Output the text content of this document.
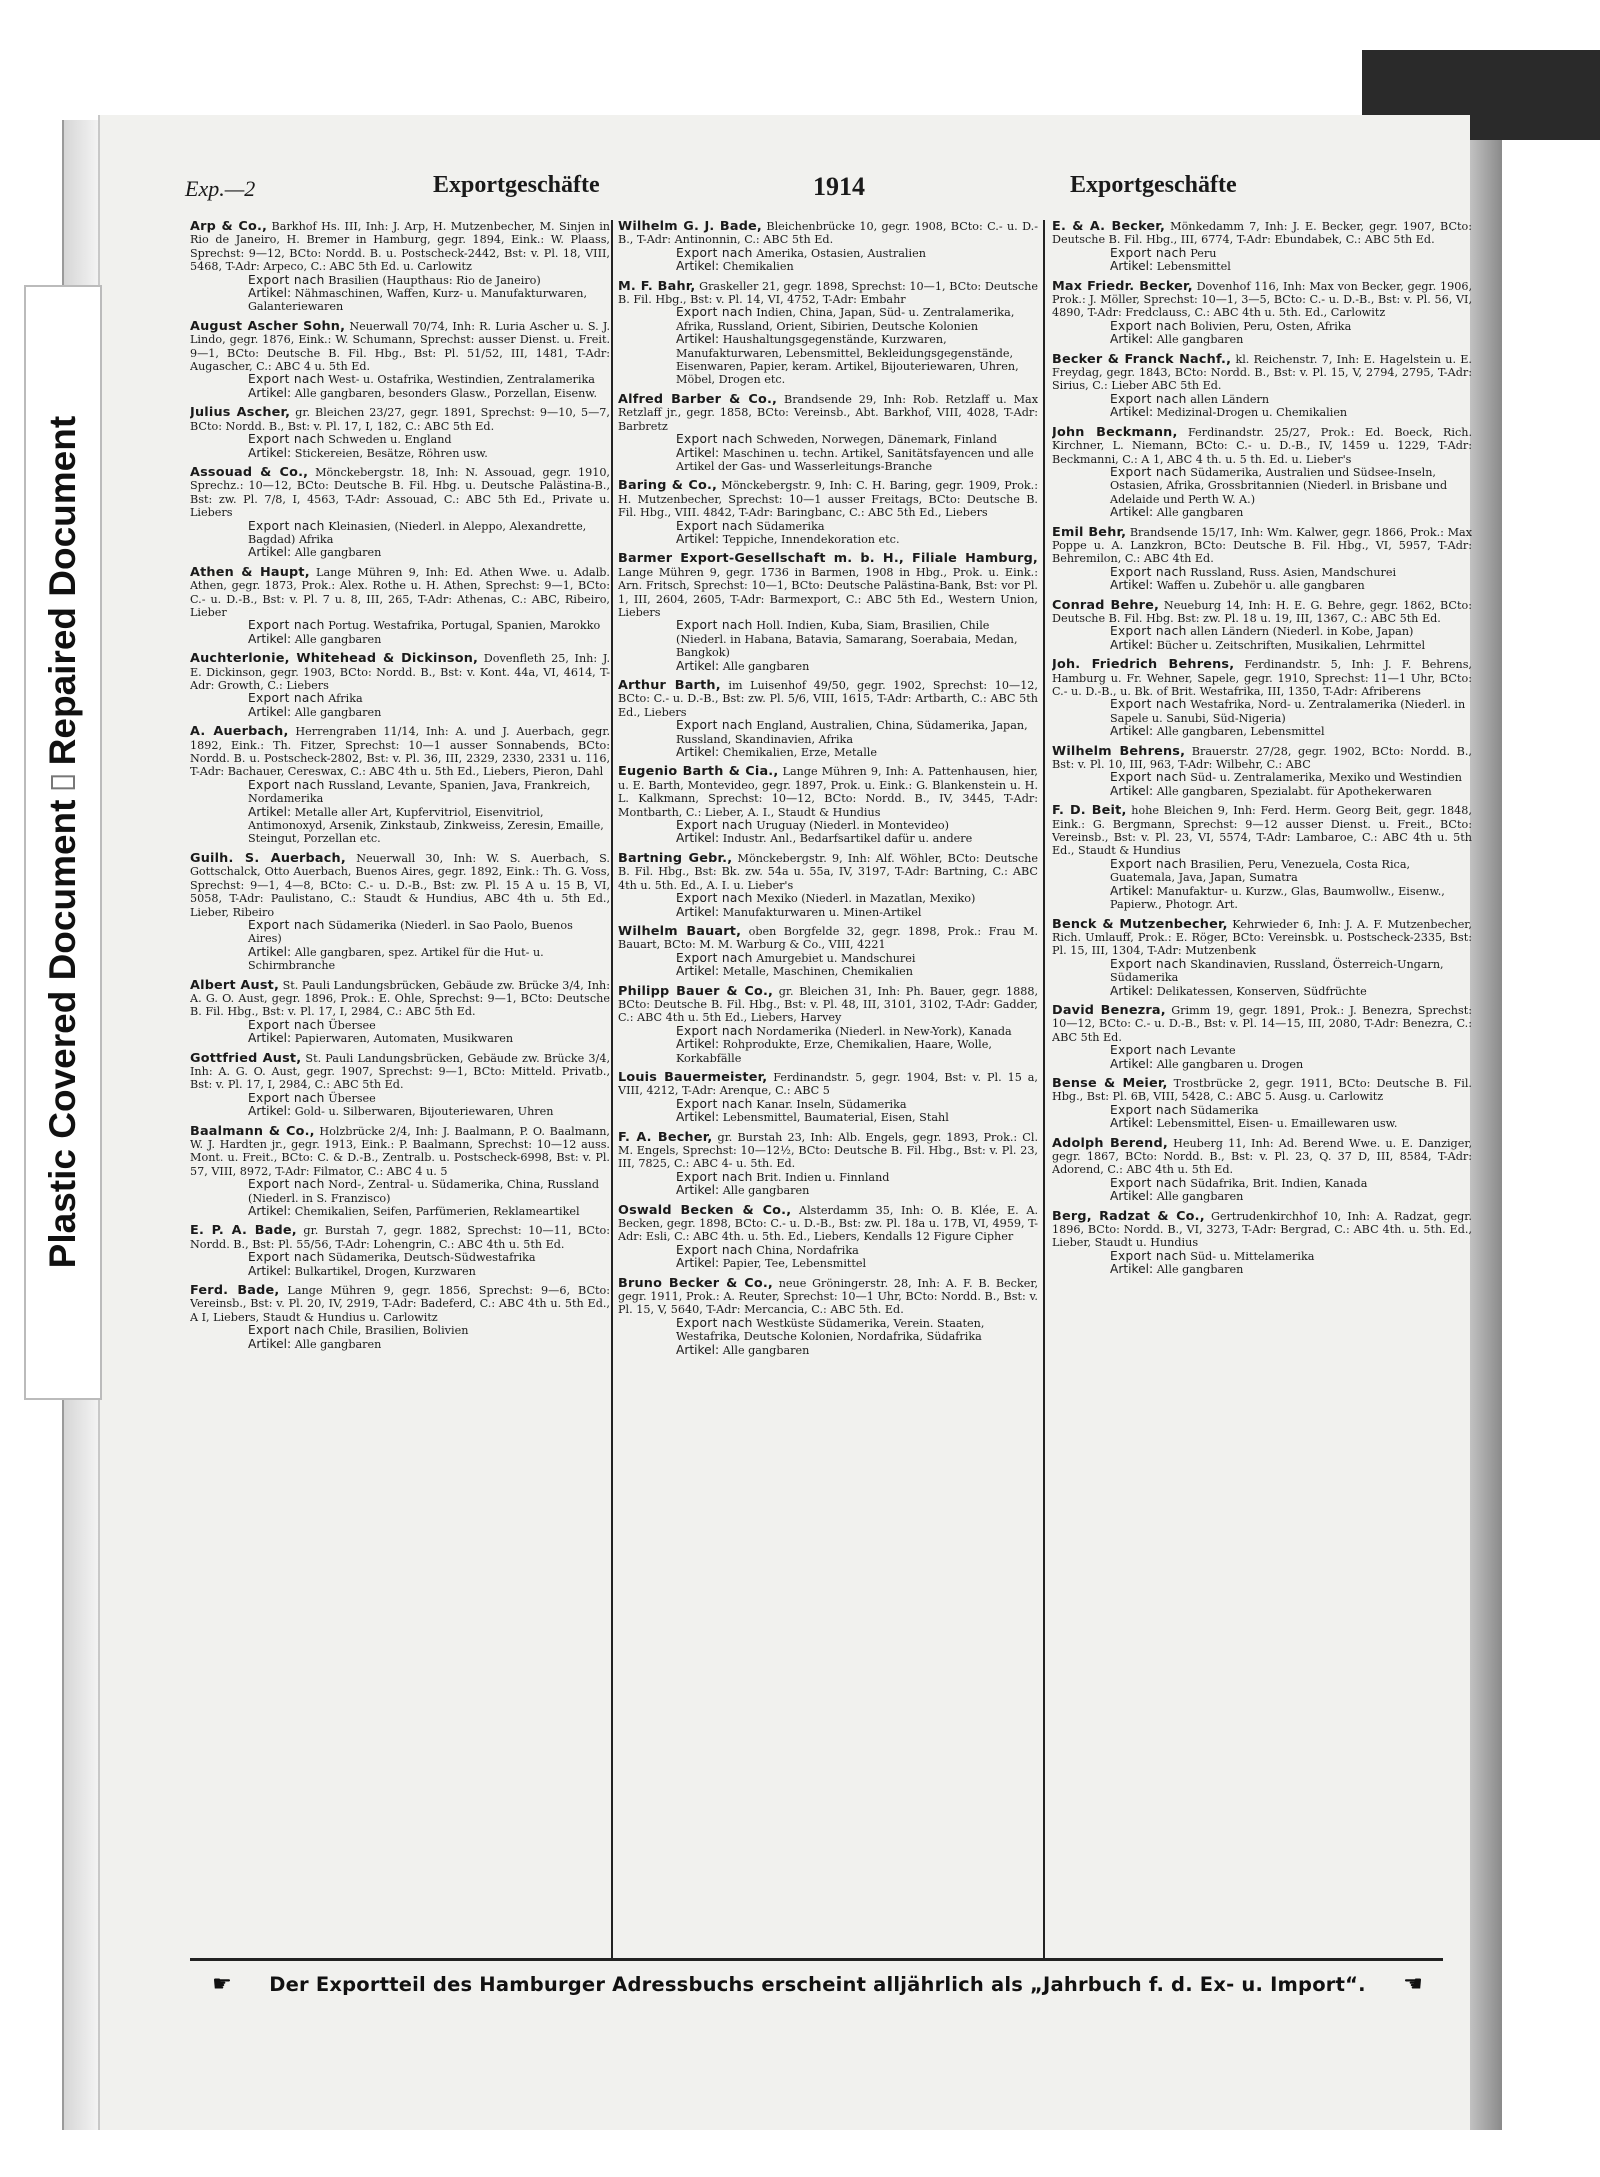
Plastic Covered Document
Repaired Document
Exp.—2	Exportgeschäfte	1914	Exportgeschäfte
Arp & Co., Barkhof Hs. III, Inh: J. Arp, H. Mutzenbecher, M. Sinjen in Rio de Janeiro, H. Bremer in Hamburg, gegr. 1894, Eink.: W. Plaass, Sprechst: 9—12, BCto: Nordd. B. u. Postscheck-2442, Bst: v. Pl. 18, VIII, 5468, T-Adr: Arpeco, C.: ABC 5th Ed. u. Carlowitz
Export nach Brasilien (Haupthaus: Rio de Janeiro)
Artikel: Nähmaschinen, Waffen, Kurz- u. Manufakturwaren, Galanteriewaren
August Ascher Sohn, Neuerwall 70/74, Inh: R. Luria Ascher u. S. J. Lindo, gegr. 1876, Eink.: W. Schumann, Sprechst: ausser Dienst. u. Freit. 9—1, BCto: Deutsche B. Fil. Hbg., Bst: Pl. 51/52, III, 1481, T-Adr: Augascher, C.: ABC 4 u. 5th Ed.
Export nach West- u. Ostafrika, Westindien, Zentralamerika
Artikel: Alle gangbaren, besonders Glasw., Porzellan, Eisenw.
Julius Ascher, gr. Bleichen 23/27, gegr. 1891, Sprechst: 9—10, 5—7, BCto: Nordd. B., Bst: v. Pl. 17, I, 182, C.: ABC 5th Ed.
Export nach Schweden u. England
Artikel: Stickereien, Besätze, Röhren usw.
Assouad & Co., Mönckebergstr. 18, Inh: N. Assouad, gegr. 1910, Sprechz.: 10—12, BCto: Deutsche B. Fil. Hbg. u. Deutsche Palästina-B., Bst: zw. Pl. 7/8, I, 4563, T-Adr: Assouad, C.: ABC 5th Ed., Private u. Liebers
Export nach Kleinasien, (Niederl. in Aleppo, Alexandrette, Bagdad) Afrika
Artikel: Alle gangbaren
Athen & Haupt, Lange Mühren 9, Inh: Ed. Athen Wwe. u. Adalb. Athen, gegr. 1873, Prok.: Alex. Rothe u. H. Athen, Sprechst: 9—1, BCto: C.- u. D.-B., Bst: v. Pl. 7 u. 8, III, 265, T-Adr: Athenas, C.: ABC, Ribeiro, Lieber
Export nach Portug. Westafrika, Portugal, Spanien, Marokko
Artikel: Alle gangbaren
Auchterlonie, Whitehead & Dickinson, Dovenfleth 25, Inh: J. E. Dickinson, gegr. 1903, BCto: Nordd. B., Bst: v. Kont. 44a, VI, 4614, T-Adr: Growth, C.: Liebers
Export nach Afrika
Artikel: Alle gangbaren
A. Auerbach, Herrengraben 11/14, Inh: A. und J. Auerbach, gegr. 1892, Eink.: Th. Fitzer, Sprechst: 10—1 ausser Sonnabends, BCto: Nordd. B. u. Postscheck-2802, Bst: v. Pl. 36, III, 2329, 2330, 2331 u. 116, T-Adr: Bachauer, Cereswax, C.: ABC 4th u. 5th Ed., Liebers, Pieron, Dahl
Export nach Russland, Levante, Spanien, Java, Frankreich, Nordamerika
Artikel: Metalle aller Art, Kupfervitriol, Eisenvitriol, Antimonoxyd, Arsenik, Zinkstaub, Zinkweiss, Zeresin, Emaille, Steingut, Porzellan etc.
Guilh. S. Auerbach, Neuerwall 30, Inh: W. S. Auerbach, S. Gottschalck, Otto Auerbach, Buenos Aires, gegr. 1892, Eink.: Th. G. Voss, Sprechst: 9—1, 4—8, BCto: C.- u. D.-B., Bst: zw. Pl. 15 A u. 15 B, VI, 5058, T-Adr: Paulistano, C.: Staudt & Hundius, ABC 4th u. 5th Ed., Lieber, Ribeiro
Export nach Südamerika (Niederl. in Sao Paolo, Buenos Aires)
Artikel: Alle gangbaren, spez. Artikel für die Hut- u. Schirmbranche
Albert Aust, St. Pauli Landungsbrücken, Gebäude zw. Brücke 3/4, Inh: A. G. O. Aust, gegr. 1896, Prok.: E. Ohle, Sprechst: 9—1, BCto: Deutsche B. Fil. Hbg., Bst: v. Pl. 17, I, 2984, C.: ABC 5th Ed.
Export nach Übersee
Artikel: Papierwaren, Automaten, Musikwaren
Gottfried Aust, St. Pauli Landungsbrücken, Gebäude zw. Brücke 3/4, Inh: A. G. O. Aust, gegr. 1907, Sprechst: 9—1, BCto: Mitteld. Privatb., Bst: v. Pl. 17, I, 2984, C.: ABC 5th Ed.
Export nach Übersee
Artikel: Gold- u. Silberwaren, Bijouteriewaren, Uhren
Baalmann & Co., Holzbrücke 2/4, Inh: J. Baalmann, P. O. Baalmann, W. J. Hardten jr., gegr. 1913, Eink.: P. Baalmann, Sprechst: 10—12 auss. Mont. u. Freit., BCto: C. & D.-B., Zentralb. u. Postscheck-6998, Bst: v. Pl. 57, VIII, 8972, T-Adr: Filmator, C.: ABC 4 u. 5
Export nach Nord-, Zentral- u. Südamerika, China, Russland (Niederl. in S. Franzisco)
Artikel: Chemikalien, Seifen, Parfümerien, Reklameartikel
E. P. A. Bade, gr. Burstah 7, gegr. 1882, Sprechst: 10—11, BCto: Nordd. B., Bst: Pl. 55/56, T-Adr: Lohengrin, C.: ABC 4th u. 5th Ed.
Export nach Südamerika, Deutsch-Südwestafrika
Artikel: Bulkartikel, Drogen, Kurzwaren
Ferd. Bade, Lange Mühren 9, gegr. 1856, Sprechst: 9—6, BCto: Vereinsb., Bst: v. Pl. 20, IV, 2919, T-Adr: Badeferd, C.: ABC 4th u. 5th Ed., A I, Liebers, Staudt & Hundius u. Carlowitz
Export nach Chile, Brasilien, Bolivien
Artikel: Alle gangbaren
Wilhelm G. J. Bade, Bleichenbrücke 10, gegr. 1908, BCto: C.- u. D.-B., T-Adr: Antinonnin, C.: ABC 5th Ed.
Export nach Amerika, Ostasien, Australien
Artikel: Chemikalien
M. F. Bahr, Graskeller 21, gegr. 1898, Sprechst: 10—1, BCto: Deutsche B. Fil. Hbg., Bst: v. Pl. 14, VI, 4752, T-Adr: Embahr
Export nach Indien, China, Japan, Süd- u. Zentralamerika, Afrika, Russland, Orient, Sibirien, Deutsche Kolonien
Artikel: Haushaltungsgegenstände, Kurzwaren, Manufakturwaren, Lebensmittel, Bekleidungsgegenstände, Eisenwaren, Papier, keram. Artikel, Bijouteriewaren, Uhren, Möbel, Drogen etc.
Alfred Barber & Co., Brandsende 29, Inh: Rob. Retzlaff u. Max Retzlaff jr., gegr. 1858, BCto: Vereinsb., Abt. Barkhof, VIII, 4028, T-Adr: Barbretz
Export nach Schweden, Norwegen, Dänemark, Finland
Artikel: Maschinen u. techn. Artikel, Sanitätsfayencen und alle Artikel der Gas- und Wasserleitungs-Branche
Baring & Co., Mönckebergstr. 9, Inh: C. H. Baring, gegr. 1909, Prok.: H. Mutzenbecher, Sprechst: 10—1 ausser Freitags, BCto: Deutsche B. Fil. Hbg., VIII. 4842, T-Adr: Baringbanc, C.: ABC 5th Ed., Liebers
Export nach Südamerika
Artikel: Teppiche, Innendekoration etc.
Barmer Export-Gesellschaft m. b. H., Filiale Hamburg, Lange Mühren 9, gegr. 1736 in Barmen, 1908 in Hbg., Prok. u. Eink.: Arn. Fritsch, Sprechst: 10—1, BCto: Deutsche Palästina-Bank, Bst: vor Pl. 1, III, 2604, 2605, T-Adr: Barmexport, C.: ABC 5th Ed., Western Union, Liebers
Export nach Holl. Indien, Kuba, Siam, Brasilien, Chile (Niederl. in Habana, Batavia, Samarang, Soerabaia, Medan, Bangkok)
Artikel: Alle gangbaren
Arthur Barth, im Luisenhof 49/50, gegr. 1902, Sprechst: 10—12, BCto: C.- u. D.-B., Bst: zw. Pl. 5/6, VIII, 1615, T-Adr: Artbarth, C.: ABC 5th Ed., Liebers
Export nach England, Australien, China, Südamerika, Japan, Russland, Skandinavien, Afrika
Artikel: Chemikalien, Erze, Metalle
Eugenio Barth & Cia., Lange Mühren 9, Inh: A. Pattenhausen, hier, u. E. Barth, Montevideo, gegr. 1897, Prok. u. Eink.: G. Blankenstein u. H. L. Kalkmann, Sprechst: 10—12, BCto: Nordd. B., IV, 3445, T-Adr: Montbarth, C.: Lieber, A. I., Staudt & Hundius
Export nach Uruguay (Niederl. in Montevideo)
Artikel: Industr. Anl., Bedarfsartikel dafür u. andere
Bartning Gebr., Mönckebergstr. 9, Inh: Alf. Wöhler, BCto: Deutsche B. Fil. Hbg., Bst: Bk. zw. 54a u. 55a, IV, 3197, T-Adr: Bartning, C.: ABC 4th u. 5th. Ed., A. I. u. Lieber's
Export nach Mexiko (Niederl. in Mazatlan, Mexiko)
Artikel: Manufakturwaren u. Minen-Artikel
Wilhelm Bauart, oben Borgfelde 32, gegr. 1898, Prok.: Frau M. Bauart, BCto: M. M. Warburg & Co., VIII, 4221
Export nach Amurgebiet u. Mandschurei
Artikel: Metalle, Maschinen, Chemikalien
Philipp Bauer & Co., gr. Bleichen 31, Inh: Ph. Bauer, gegr. 1888, BCto: Deutsche B. Fil. Hbg., Bst: v. Pl. 48, III, 3101, 3102, T-Adr: Gadder, C.: ABC 4th u. 5th Ed., Liebers, Harvey
Export nach Nordamerika (Niederl. in New-York), Kanada
Artikel: Rohprodukte, Erze, Chemikalien, Haare, Wolle, Korkabfälle
Louis Bauermeister, Ferdinandstr. 5, gegr. 1904, Bst: v. Pl. 15 a, VIII, 4212, T-Adr: Arenque, C.: ABC 5
Export nach Kanar. Inseln, Südamerika
Artikel: Lebensmittel, Baumaterial, Eisen, Stahl
F. A. Becher, gr. Burstah 23, Inh: Alb. Engels, gegr. 1893, Prok.: Cl. M. Engels, Sprechst: 10—12½, BCto: Deutsche B. Fil. Hbg., Bst: v. Pl. 23, III, 7825, C.: ABC 4- u. 5th. Ed.
Export nach Brit. Indien u. Finnland
Artikel: Alle gangbaren
Oswald Becken & Co., Alsterdamm 35, Inh: O. B. Klée, E. A. Becken, gegr. 1898, BCto: C.- u. D.-B., Bst: zw. Pl. 18a u. 17B, VI, 4959, T-Adr: Esli, C.: ABC 4th. u. 5th. Ed., Liebers, Kendalls 12 Figure Cipher
Export nach China, Nordafrika
Artikel: Papier, Tee, Lebensmittel
Bruno Becker & Co., neue Gröningerstr. 28, Inh: A. F. B. Becker, gegr. 1911, Prok.: A. Reuter, Sprechst: 10—1 Uhr, BCto: Nordd. B., Bst: v. Pl. 15, V, 5640, T-Adr: Mercancia, C.: ABC 5th. Ed.
Export nach Westküste Südamerika, Verein. Staaten, Westafrika, Deutsche Kolonien, Nordafrika, Südafrika
Artikel: Alle gangbaren
E. & A. Becker, Mönkedamm 7, Inh: J. E. Becker, gegr. 1907, BCto: Deutsche B. Fil. Hbg., III, 6774, T-Adr: Ebundabek, C.: ABC 5th Ed.
Export nach Peru
Artikel: Lebensmittel
Max Friedr. Becker, Dovenhof 116, Inh: Max von Becker, gegr. 1906, Prok.: J. Möller, Sprechst: 10—1, 3—5, BCto: C.- u. D.-B., Bst: v. Pl. 56, VI, 4890, T-Adr: Fredclauss, C.: ABC 4th u. 5th. Ed., Carlowitz
Export nach Bolivien, Peru, Osten, Afrika
Artikel: Alle gangbaren
Becker & Franck Nachf., kl. Reichenstr. 7, Inh: E. Hagelstein u. E. Freydag, gegr. 1843, BCto: Nordd. B., Bst: v. Pl. 15, V, 2794, 2795, T-Adr: Sirius, C.: Lieber ABC 5th Ed.
Export nach allen Ländern
Artikel: Medizinal-Drogen u. Chemikalien
John Beckmann, Ferdinandstr. 25/27, Prok.: Ed. Boeck, Rich. Kirchner, L. Niemann, BCto: C.- u. D.-B., IV, 1459 u. 1229, T-Adr: Beckmanni, C.: A 1, ABC 4 th. u. 5 th. Ed. u. Lieber's
Export nach Südamerika, Australien und Südsee-Inseln, Ostasien, Afrika, Grossbritannien (Niederl. in Brisbane und Adelaide und Perth W. A.)
Artikel: Alle gangbaren
Emil Behr, Brandsende 15/17, Inh: Wm. Kalwer, gegr. 1866, Prok.: Max Poppe u. A. Lanzkron, BCto: Deutsche B. Fil. Hbg., VI, 5957, T-Adr: Behremilon, C.: ABC 4th Ed.
Export nach Russland, Russ. Asien, Mandschurei
Artikel: Waffen u. Zubehör u. alle gangbaren
Conrad Behre, Neueburg 14, Inh: H. E. G. Behre, gegr. 1862, BCto: Deutsche B. Fil. Hbg. Bst: zw. Pl. 18 u. 19, III, 1367, C.: ABC 5th Ed.
Export nach allen Ländern (Niederl. in Kobe, Japan)
Artikel: Bücher u. Zeitschriften, Musikalien, Lehrmittel
Joh. Friedrich Behrens, Ferdinandstr. 5, Inh: J. F. Behrens, Hamburg u. Fr. Wehner, Sapele, gegr. 1910, Sprechst: 11—1 Uhr, BCto: C.- u. D.-B., u. Bk. of Brit. Westafrika, III, 1350, T-Adr: Afriberens
Export nach Westafrika, Nord- u. Zentralamerika (Niederl. in Sapele u. Sanubi, Süd-Nigeria)
Artikel: Alle gangbaren, Lebensmittel
Wilhelm Behrens, Brauerstr. 27/28, gegr. 1902, BCto: Nordd. B., Bst: v. Pl. 10, III, 963, T-Adr: Wilbehr, C.: ABC
Export nach Süd- u. Zentralamerika, Mexiko und Westindien
Artikel: Alle gangbaren, Spezialabt. für Apothekerwaren
F. D. Beit, hohe Bleichen 9, Inh: Ferd. Herm. Georg Beit, gegr. 1848, Eink.: G. Bergmann, Sprechst: 9—12 ausser Dienst. u. Freit., BCto: Vereinsb., Bst: v. Pl. 23, VI, 5574, T-Adr: Lambaroe, C.: ABC 4th u. 5th Ed., Staudt & Hundius
Export nach Brasilien, Peru, Venezuela, Costa Rica, Guatemala, Java, Japan, Sumatra
Artikel: Manufaktur- u. Kurzw., Glas, Baumwollw., Eisenw., Papierw., Photogr. Art.
Benck & Mutzenbecher, Kehrwieder 6, Inh: J. A. F. Mutzenbecher, Rich. Umlauff, Prok.: E. Röger, BCto: Vereinsbk. u. Postscheck-2335, Bst: Pl. 15, III, 1304, T-Adr: Mutzenbenk
Export nach Skandinavien, Russland, Österreich-Ungarn, Südamerika
Artikel: Delikatessen, Konserven, Südfrüchte
David Benezra, Grimm 19, gegr. 1891, Prok.: J. Benezra, Sprechst: 10—12, BCto: C.- u. D.-B., Bst: v. Pl. 14—15, III, 2080, T-Adr: Benezra, C.: ABC 5th Ed.
Export nach Levante
Artikel: Alle gangbaren u. Drogen
Bense & Meier, Trostbrücke 2, gegr. 1911, BCto: Deutsche B. Fil. Hbg., Bst: Pl. 6B, VIII, 5428, C.: ABC 5. Ausg. u. Carlowitz
Export nach Südamerika
Artikel: Lebensmittel, Eisen- u. Emaillewaren usw.
Adolph Berend, Heuberg 11, Inh: Ad. Berend Wwe. u. E. Danziger, gegr. 1867, BCto: Nordd. B., Bst: v. Pl. 23, Q. 37 D, III, 8584, T-Adr: Adorend, C.: ABC 4th u. 5th Ed.
Export nach Südafrika, Brit. Indien, Kanada
Artikel: Alle gangbaren
Berg, Radzat & Co., Gertrudenkirchhof 10, Inh: A. Radzat, gegr. 1896, BCto: Nordd. B., VI, 3273, T-Adr: Bergrad, C.: ABC 4th. u. 5th. Ed., Lieber, Staudt u. Hundius
Export nach Süd- u. Mittelamerika
Artikel: Alle gangbaren
☛	Der Exportteil des Hamburger Adressbuchs erscheint alljährlich als „Jahrbuch f. d. Ex- u. Import“.	☚
